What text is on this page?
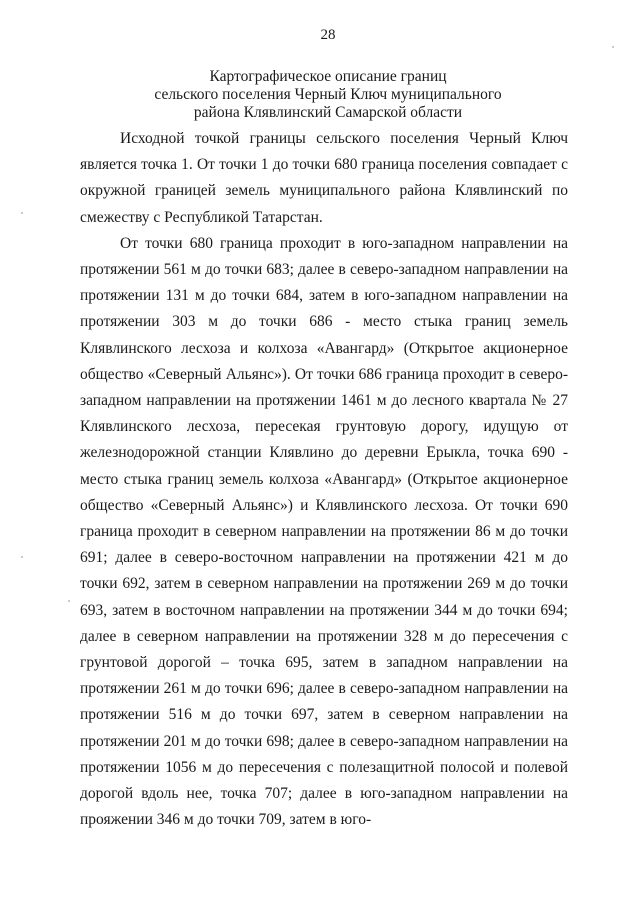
28
Картографическое описание границ
сельского поселения Черный Ключ муниципального
района Клявлинский Самарской области

Исходной точкой границы сельского поселения Черный Ключ является точка 1. От точки 1 до точки 680 граница поселения совпадает с окружной границей земель муниципального района Клявлинский по смежеству с Республикой Татарстан.

От точки 680 граница проходит в юго-западном направлении на протяжении 561 м до точки 683; далее в северо-западном направлении на протяжении 131 м до точки 684, затем в юго-западном направлении на протяжении 303 м до точки 686 - место стыка границ земель Клявлинского лесхоза и колхоза «Авангард» (Открытое акционерное общество «Северный Альянс»). От точки 686 граница проходит в северо-западном направлении на протяжении 1461 м до лесного квартала № 27 Клявлинского лесхоза, пересекая грунтовую дорогу, идущую от железнодорожной станции Клявлино до деревни Ерыкла, точка 690 - место стыка границ земель колхоза «Авангард» (Открытое акционерное общество «Северный Альянс») и Клявлинского лесхоза. От точки 690 граница проходит в северном направлении на протяжении 86 м до точки 691; далее в северо-восточном направлении на протяжении 421 м до точки 692, затем в северном направлении на протяжении 269 м до точки 693, затем в восточном направлении на протяжении 344 м до точки 694; далее в северном направлении на протяжении 328 м до пересечения с грунтовой дорогой – точка 695, затем в западном направлении на протяжении 261 м до точки 696; далее в северо-западном направлении на протяжении 516 м до точки 697, затем в северном направлении на протяжении 201 м до точки 698; далее в северо-западном направлении на протяжении 1056 м до пересечения с полезащитной полосой и полевой дорогой вдоль нее, точка 707; далее в юго-западном направлении на прояжении 346 м до точки 709, затем в юго-
